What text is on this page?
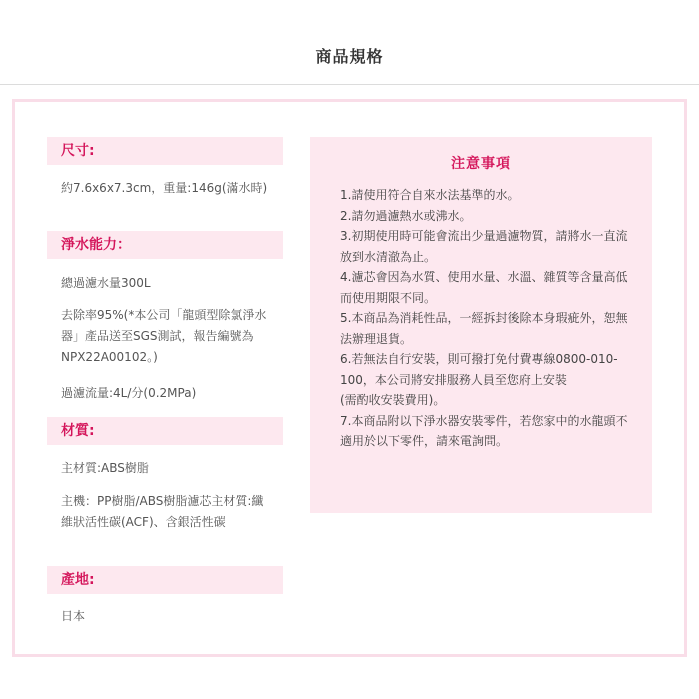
商品規格
尺寸:
約7.6x6x7.3cm，重量:146g(滿水時)
淨水能力：
總過濾水量300L
去除率95%(*本公司「龍頭型除氯淨水器」產品送至SGS測試，報告編號為NPX22A00102。)
過濾流量:4L/分(0.2MPa)
材質:
主材質:ABS樹脂
主機：PP樹脂/ABS樹脂濾芯主材質:纖維狀活性碳(ACF)、含銀活性碳
產地:
日本
注意事項
1.請使用符合自來水法基準的水。
2.請勿過濾熱水或沸水。
3.初期使用時可能會流出少量過濾物質，請將水一直流放到水清澈為止。
4.濾芯會因為水質、使用水量、水溫、雜質等含量高低而使用期限不同。
5.本商品為消耗性品，一經拆封後除本身瑕疵外，恕無法辦理退貨。
6.若無法自行安裝，則可撥打免付費專線0800-010-100，本公司將安排服務人員至您府上安裝
(需酌收安裝費用)。
7.本商品附以下淨水器安裝零件，若您家中的水龍頭不適用於以下零件，請來電詢問。
